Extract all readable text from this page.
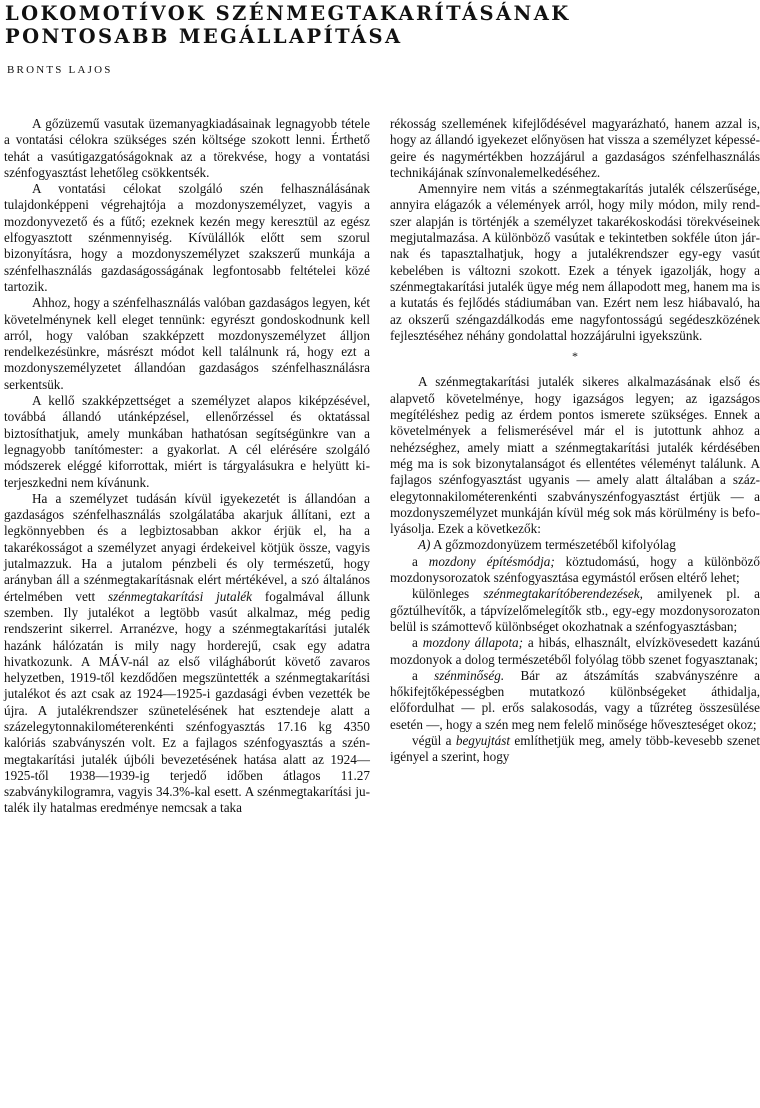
LOKOMOTÍVOK SZÉNMEGTAKARÍTÁSÁNAK
PONTOSABB MEGÁLLAPÍTÁSA
BRONTS LAJOS

A gőzüzemű vasutak üzemanyagkiadásainak legnagyobb tétele a vontatási célokra szükséges szén költsége szokott lenni. Érthető tehát a vasútigazgatóságoknak az a törekvése, hogy a vontatási szénfogyasztást lehetőleg csökkentsék.

A vontatási célokat szolgáló szén felhasználásának tulajdonképpeni végrehajtója a mozdonyszemélyzet, vagyis a mozdonyvezető és a fűtő; ezeknek kezén megy keresztül az egész elfogyasztott szénmennyiség. Kívülállók előtt sem szorul bizonyításra, hogy a mozdonyszemélyzet szakszerű munkája a szénfelhasználás gazdaságosságának legfontosabb feltételei közé tartozik.

Ahhoz, hogy a szénfelhasználás valóban gazdaságos legyen, két követelménynek kell eleget tennünk: egyrészt gondoskodnunk kell arról, hogy valóban szakképzett mozdonyszemélyzet álljon rendelkezésünkre, másrészt módot kell találnunk rá, hogy ezt a mozdonyszemélyzetet állandóan gazdaságos szénfelhasználásra serkentsük.

A kellő szakképzettséget a személyzet alapos kiképzésével, továbbá állandó utánképzésel, ellenőrzéssel és oktatással biztosíthatjuk, amely munkában hathatósan segítségünkre van a legnagyobb tanítómester: a gyakorlat. A cél elérésére szolgáló módszerek eléggé kiforrottak, miért is tárgyalásukra e helyütt kiterjeszkedni nem kívánunk.

Ha a személyzet tudásán kívül igyekezetét is állandóan a gazdaságos szénfelhasználás szolgálatába akarjuk állítani, ezt a legkönnyebben és a legbiztosabban akkor érjük el, ha a takarékosságot a személyzet anyagi érdekeivel kötjük össze, vagyis jutalmazzuk. Ha a jutalom pénzbeli és oly természetű, hogy arányban áll a szénmegtakarításnak elért mértékével, a szó általános értelmében vett szénmegtakarítási jutalék fogalmával állunk szemben. Ily jutalékot a legtöbb vasút alkalmaz, még pedig rendszerint sikerrel. Arranézve, hogy a szénmegtakarítási jutalék hazánk hálózatán is mily nagy horderejű, csak egy adatra hivatkozunk. A MÁV-nál az első világháborút követő zavaros helyzetben, 1919-től kezdődően megszüntették a szénmegtakarítási jutalékot és azt csak az 1924—1925-i gazdasági évben vezették be újra. A jutalékrendszer szünetelésének hat esztendeje alatt a százelegytonnakilométerenkénti szénfogyasztás 17.16 kg 4350 kalóriás szabványszén volt. Ez a fajlagos szénfogyasztás a szénmegtakarítási jutalék újbóli bevezetésének hatása alatt az 1924—1925-től 1938—1939-ig terjedő időben átlagos 11.27 szabványkilogramra, vagyis 34.3%-kal esett. A szénmegtakarítási jutalék ily hatalmas eredménye nemcsak a taka

rékosság szellemének kifejlődésével magyarázható, hanem azzal is, hogy az állandó igyekezet előnyösen hat vissza a személyzet képességeire és nagymértékben hozzájárul a gazdaságos szénfelhasználás technikájának színvonalemelkedéséhez.

Amennyire nem vitás a szénmegtakarítás jutalék célszerűsége, annyira elágazók a vélemények arról, hogy mily módon, mily rendszer alapján is történjék a személyzet takarékoskodási törekvéseinek megjutalmazása. A különböző vasútak e tekintetben sokféle úton járnak és tapasztalhatjuk, hogy a jutalékrendszer egy-egy vasút kebelében is változni szokott. Ezek a tények igazolják, hogy a szénmegtakarítási jutalék ügye még nem állapodott meg, hanem ma is a kutatás és fejlődés stádiumában van. Ezért nem lesz hiábavaló, ha az okszerű széngazdálkodás eme nagyfontosságú segédeszközének fejlesztéséhez néhány gondolattal hozzájárulni igyekszünk.

*

A szénmegtakarítási jutalék sikeres alkalmazásának első és alapvető követelménye, hogy igazságos legyen; az igazságos megítéléshez pedig az érdem pontos ismerete szükséges. Ennek a követelmények a felismerésével már el is jutottunk ahhoz a nehézséghez, amely miatt a szénmegtakarítási jutalék kérdésében még ma is sok bizonytalanságot és ellentétes véleményt találunk. A fajlagos szénfogyasztást ugyanis — amely alatt általában a százelegytonnakilométerenkénti szabványszénfogyasztást értjük — a mozdonyszemélyzet munkáján kívül még sok más körülmény is befolyásolja. Ezek a következők:

A) A gőzmozdonyüzem természetéből kifolyólag

a mozdony építésmódja; köztudomású, hogy a különböző mozdonysorozatok szénfogyasztása egymástól erősen eltérő lehet;

különleges szénmegtakarítóberendezések, amilyenek pl. a gőztúlhevítők, a tápvízelőmelegítők stb., egy-egy mozdonysorozaton belül is számottevő különbséget okozhatnak a szénfogyasztásban;

a mozdony állapota; a hibás, elhasznált, elvízkövesedett kazánú mozdonyok a dolog természetéből folyólag több szenet fogyasztanak;

a szénminőség. Bár az átszámítás szabványszénre a hőkifejtőképességben mutatkozó különbségeket áthidalja, előfordulhat — pl. erős salakosodás, vagy a tűzréteg összesülése esetén —, hogy a szén meg nem felelő minősége hőveszteséget okoz;

végül a begyujtást említhetjük meg, amely több-kevesebb szenet igényel a szerint, hogy
